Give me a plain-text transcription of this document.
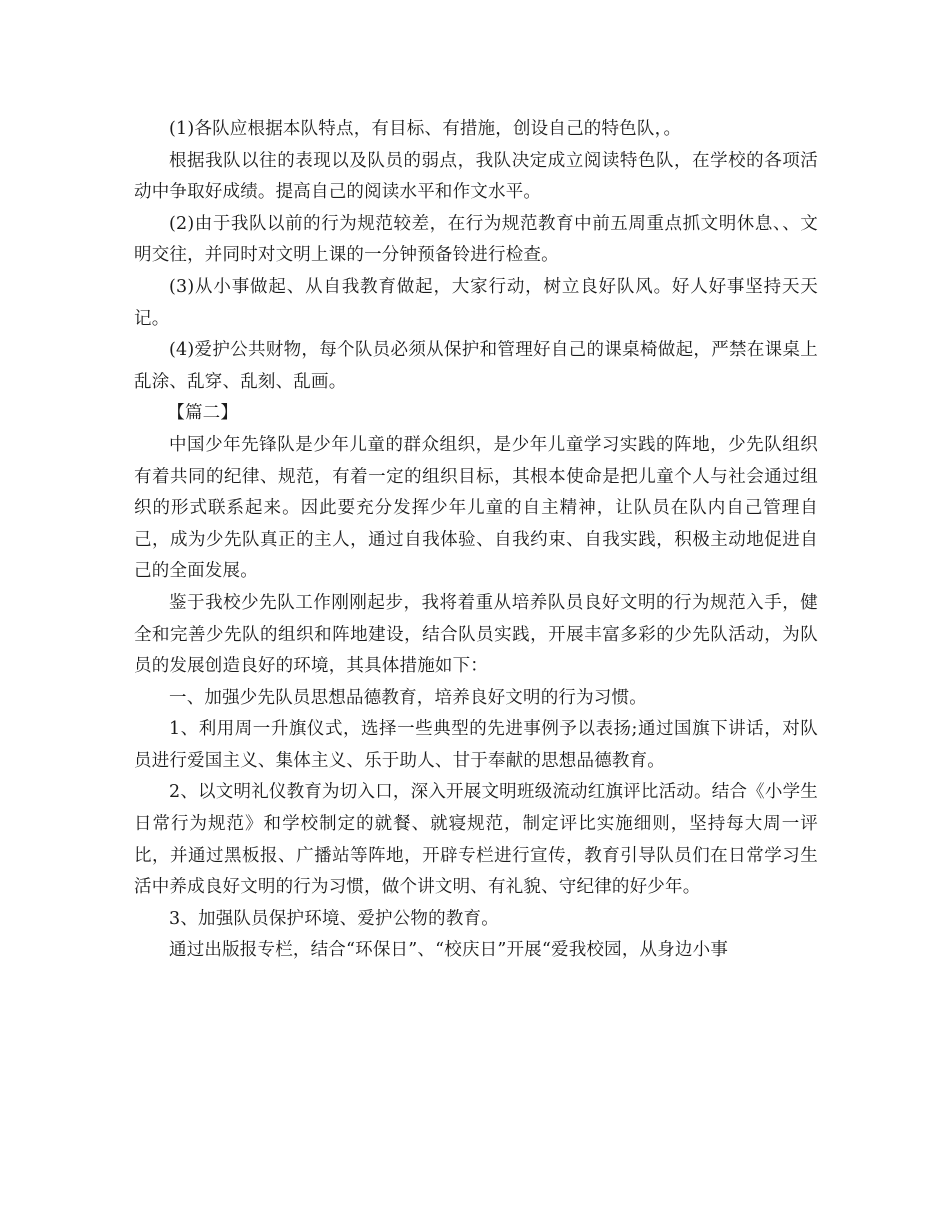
(1)各队应根据本队特点，有目标、有措施，创设自己的特色队，。

根据我队以往的表现以及队员的弱点，我队决定成立阅读特色队，在学校的各项活动中争取好成绩。提高自己的阅读水平和作文水平。

(2)由于我队以前的行为规范较差，在行为规范教育中前五周重点抓文明休息、、文明交往，并同时对文明上课的一分钟预备铃进行检查。

(3)从小事做起、从自我教育做起，大家行动，树立良好队风。好人好事坚持天天记。

(4)爱护公共财物，每个队员必须从保护和管理好自己的课桌椅做起，严禁在课桌上乱涂、乱穿、乱刻、乱画。

【篇二】

中国少年先锋队是少年儿童的群众组织，是少年儿童学习实践的阵地，少先队组织有着共同的纪律、规范，有着一定的组织目标，其根本使命是把儿童个人与社会通过组织的形式联系起来。因此要充分发挥少年儿童的自主精神，让队员在队内自己管理自己，成为少先队真正的主人，通过自我体验、自我约束、自我实践，积极主动地促进自己的全面发展。

鉴于我校少先队工作刚刚起步，我将着重从培养队员良好文明的行为规范入手，健全和完善少先队的组织和阵地建设，结合队员实践，开展丰富多彩的少先队活动，为队员的发展创造良好的环境，其具体措施如下：

一、加强少先队员思想品德教育，培养良好文明的行为习惯。

1、利用周一升旗仪式，选择一些典型的先进事例予以表扬;通过国旗下讲话，对队员进行爱国主义、集体主义、乐于助人、甘于奉献的思想品德教育。

2、以文明礼仪教育为切入口，深入开展文明班级流动红旗评比活动。结合《小学生日常行为规范》和学校制定的就餐、就寝规范，制定评比实施细则，坚持每大周一评比，并通过黑板报、广播站等阵地，开辟专栏进行宣传，教育引导队员们在日常学习生活中养成良好文明的行为习惯，做个讲文明、有礼貌、守纪律的好少年。

3、加强队员保护环境、爱护公物的教育。

通过出版报专栏，结合“环保日”、“校庆日”开展“爱我校园，从身边小事
